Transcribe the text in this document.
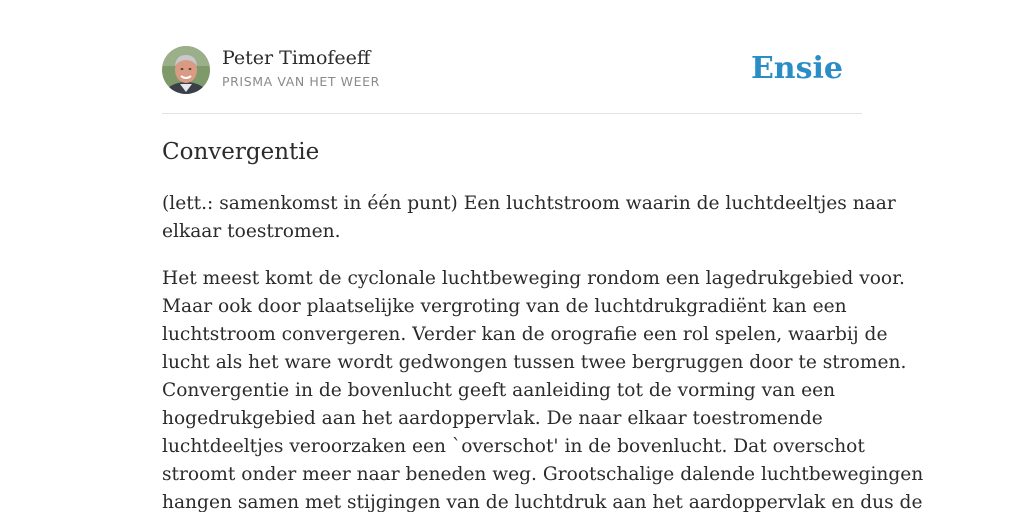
Peter Timofeeff
PRISMA VAN HET WEER	Ensie
Convergentie

(lett.: samenkomst in één punt) Een luchtstroom waarin de luchtdeeltjes naar
elkaar toestromen.

Het meest komt de cyclonale luchtbeweging rondom een lagedrukgebied voor.
Maar ook door plaatselijke vergroting van de luchtdrukgradiënt kan een
luchtstroom convergeren. Verder kan de orografie een rol spelen, waarbij de
lucht als het ware wordt gedwongen tussen twee bergruggen door te stromen.
Convergentie in de bovenlucht geeft aanleiding tot de vorming van een
hogedrukgebied aan het aardoppervlak. De naar elkaar toestromende
luchtdeeltjes veroorzaken een `overschot' in de bovenlucht. Dat overschot
stroomt onder meer naar beneden weg. Grootschalige dalende luchtbewegingen
hangen samen met stijgingen van de luchtdruk aan het aardoppervlak en dus de
